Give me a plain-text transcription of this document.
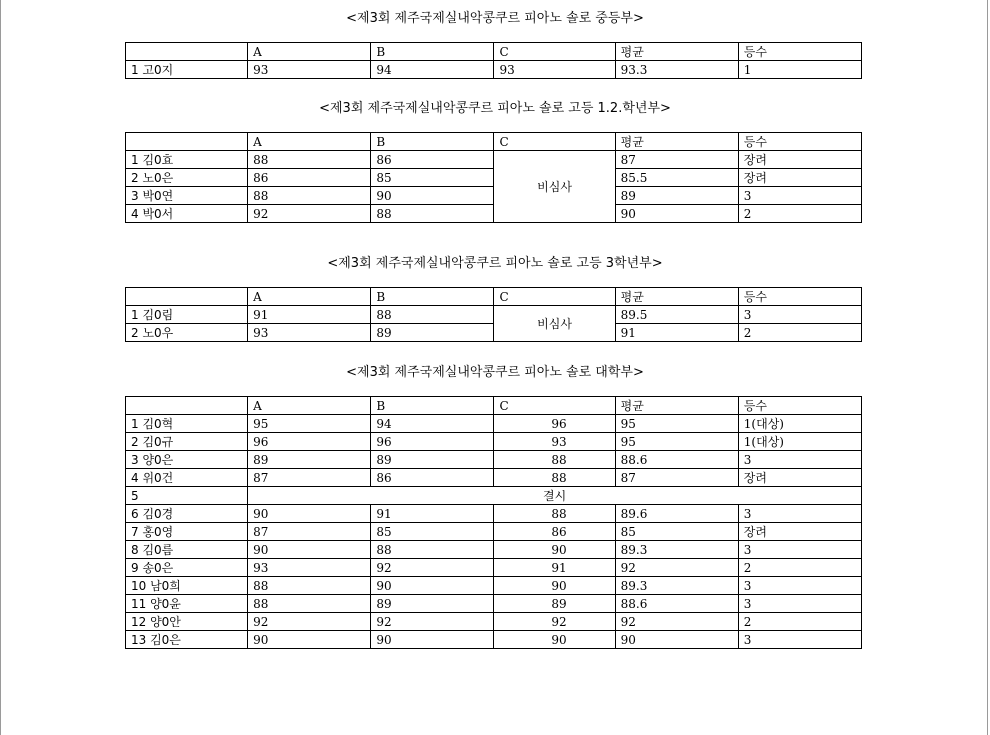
<제3회 제주국제실내악콩쿠르 피아노 솔로 중등부>
	A	B	C	평균	등수
1 고0지	93	94	93	93.3	1
<제3회 제주국제실내악콩쿠르 피아노 솔로 고등 1.2.학년부>
	A	B	C	평균	등수
1 김0효	88	86	비심사	87	장려
2 노0은	86	85		85.5	장려
3 박0연	88	90		89	3
4 박0서	92	88		90	2
<제3회 제주국제실내악콩쿠르 피아노 솔로 고등 3학년부>
	A	B	C	평균	등수
1 김0림	91	88	비심사	89.5	3
2 노0우	93	89		91	2
<제3회 제주국제실내악콩쿠르 피아노 솔로 대학부>
	A	B	C	평균	등수
1 김0혁	95	94	96	95	1(대상)
2 김0규	96	96	93	95	1(대상)
3 양0은	89	89	88	88.6	3
4 위0건	87	86	88	87	장려
5	결시				
6 김0경	90	91	88	89.6	3
7 홍0영	87	85	86	85	장려
8 김0름	90	88	90	89.3	3
9 송0은	93	92	91	92	2
10 남0희	88	90	90	89.3	3
11 양0윤	88	89	89	88.6	3
12 양0안	92	92	92	92	2
13 김0은	90	90	90	90	3
